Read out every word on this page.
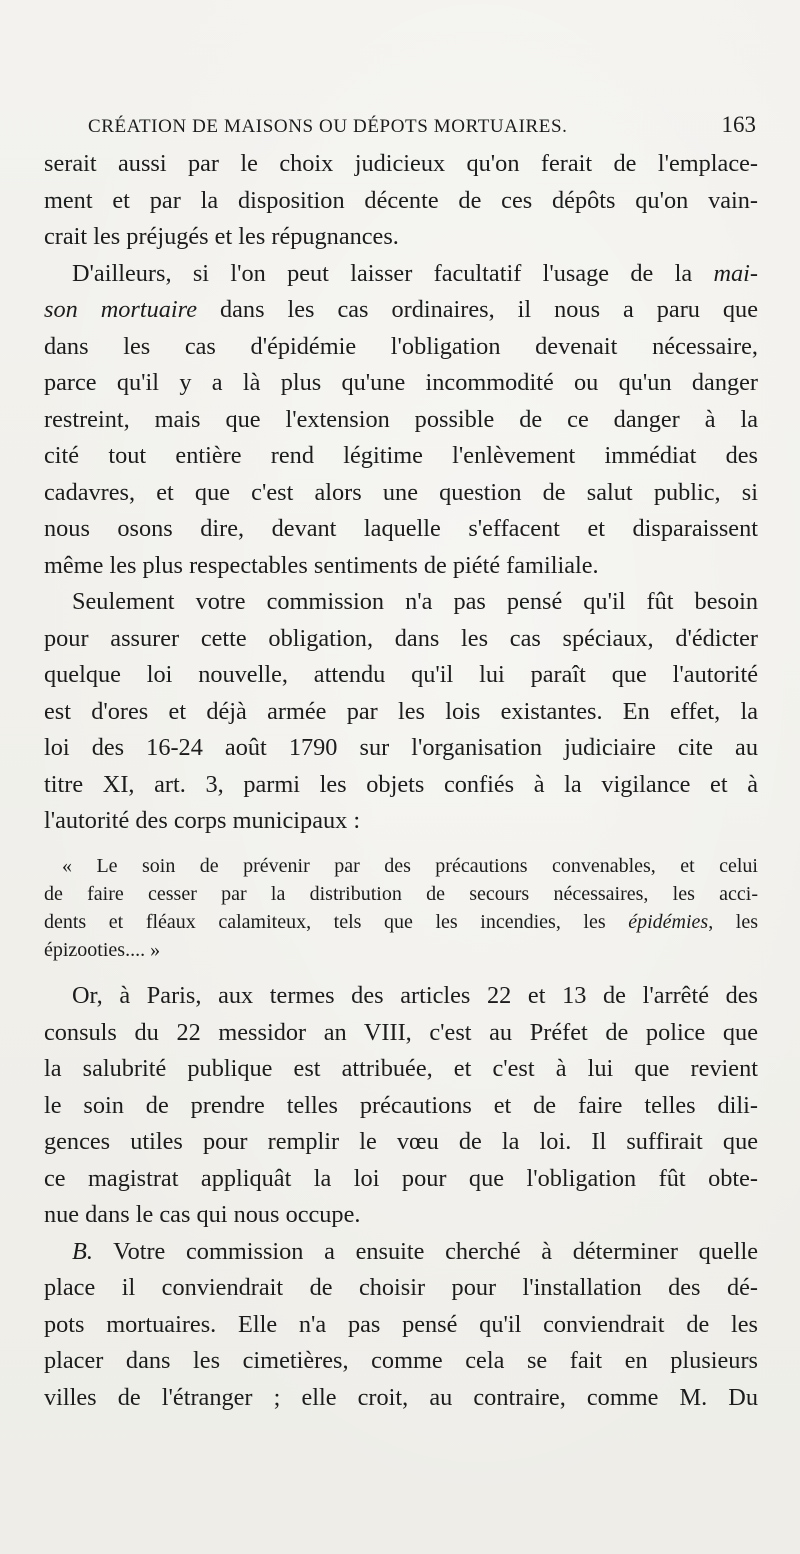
CRÉATION DE MAISONS OU DÉPOTS MORTUAIRES.	163

serait aussi par le choix judicieux qu'on ferait de l'emplace-

ment et par la disposition décente de ces dépôts qu'on vain-

crait les préjugés et les répugnances.

D'ailleurs, si l'on peut laisser facultatif l'usage de la mai-

son mortuaire dans les cas ordinaires, il nous a paru que

dans les cas d'épidémie l'obligation devenait nécessaire,

parce qu'il y a là plus qu'une incommodité ou qu'un danger

restreint, mais que l'extension possible de ce danger à la

cité tout entière rend légitime l'enlèvement immédiat des

cadavres, et que c'est alors une question de salut public, si

nous osons dire, devant laquelle s'effacent et disparaissent

même les plus respectables sentiments de piété familiale.

Seulement votre commission n'a pas pensé qu'il fût besoin

pour assurer cette obligation, dans les cas spéciaux, d'édicter

quelque loi nouvelle, attendu qu'il lui paraît que l'autorité

est d'ores et déjà armée par les lois existantes. En effet, la

loi des 16-24 août 1790 sur l'organisation judiciaire cite au

titre XI, art. 3, parmi les objets confiés à la vigilance et à

l'autorité des corps municipaux :

« Le soin de prévenir par des précautions convenables, et celui

de faire cesser par la distribution de secours nécessaires, les acci-

dents et fléaux calamiteux, tels que les incendies, les épidémies, les

épizooties.... »

Or, à Paris, aux termes des articles 22 et 13 de l'arrêté des

consuls du 22 messidor an VIII, c'est au Préfet de police que

la salubrité publique est attribuée, et c'est à lui que revient

le soin de prendre telles précautions et de faire telles dili-

gences utiles pour remplir le vœu de la loi. Il suffirait que

ce magistrat appliquât la loi pour que l'obligation fût obte-

nue dans le cas qui nous occupe.

B. Votre commission a ensuite cherché à déterminer quelle

place il conviendrait de choisir pour l'installation des dé-

pots mortuaires. Elle n'a pas pensé qu'il conviendrait de les

placer dans les cimetières, comme cela se fait en plusieurs

villes de l'étranger ; elle croit, au contraire, comme M. Du
